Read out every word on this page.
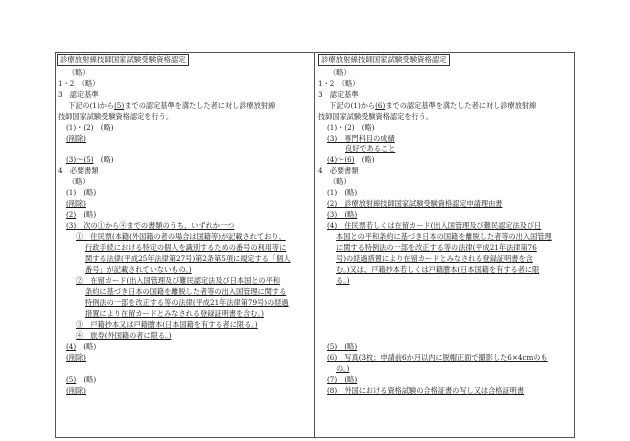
診療放射線技師国家試験受験資格認定
（略）
1・2　（略）
3　認定基準
下記の(1)から(5)までの認定基準を満たした者に対し診療放射線
技師国家試験受験資格認定を行う。
(1)・(2)　(略)
(削除)
(3)～(5)　(略)
4　必要書類
（略）
(1)　(略)
(削除)
(2)　(略)
(3)　次の①から④までの書類のうち、いずれか一つ
①　住民票(本籍(外国籍の者の場合は国籍等)が記載されており、
行政手続における特定の個人を識別するための番号の利用等に
関する法律(平成25年法律第27号)第2条第5項に規定する「個人
番号」が記載されていないもの。)
②　在留カード(出入国管理及び難民認定法及び日本国との平和
条約に基づき日本の国籍を離脱した者等の出入国管理に関する
特例法の一部を改正する等の法律(平成21年法律第79号)の経過
措置により在留カードとみなされる登録証明書を含む。)
③　戸籍抄本又は戸籍謄本(日本国籍を有する者に限る。)
④　旅券(外国籍の者に限る。)
(4)　(略)
(削除)
(5)　(略)
(削除)
診療放射線技師国家試験受験資格認定
（略）
1・2　（略）
3　認定基準
下記の(1)から(6)までの認定基準を満たした者に対し診療放射線
技師国家試験受験資格認定を行う。
(1)・(2)　(略)
(3)　専門科目の成績
良好であること
(4)～(6)　(略)
4　必要書類
（略）
(1)　(略)
(2)　診療放射線技師国家試験受験資格認定申請理由書
(3)　(略)
(4)　住民票若しくは在留カード(出入国管理及び難民認定法及び日
本国との平和条約に基づき日本の国籍を離脱した者等の出入国管理
に関する特例法の一部を改正する等の法律(平成21年法律第76
号)の経過措置により在留カードとみなされる登録証明書を含
む。)又は、戸籍抄本若しくは戸籍謄本(日本国籍を有する者に限
る。)
(5)　(略)
(6)　写真(3枚；申請前6か月以内に脱帽正面で撮影した6×4cmのも
の。)
(7)　(略)
(8)　外国における資格試験の合格証書の写し又は合格証明書
